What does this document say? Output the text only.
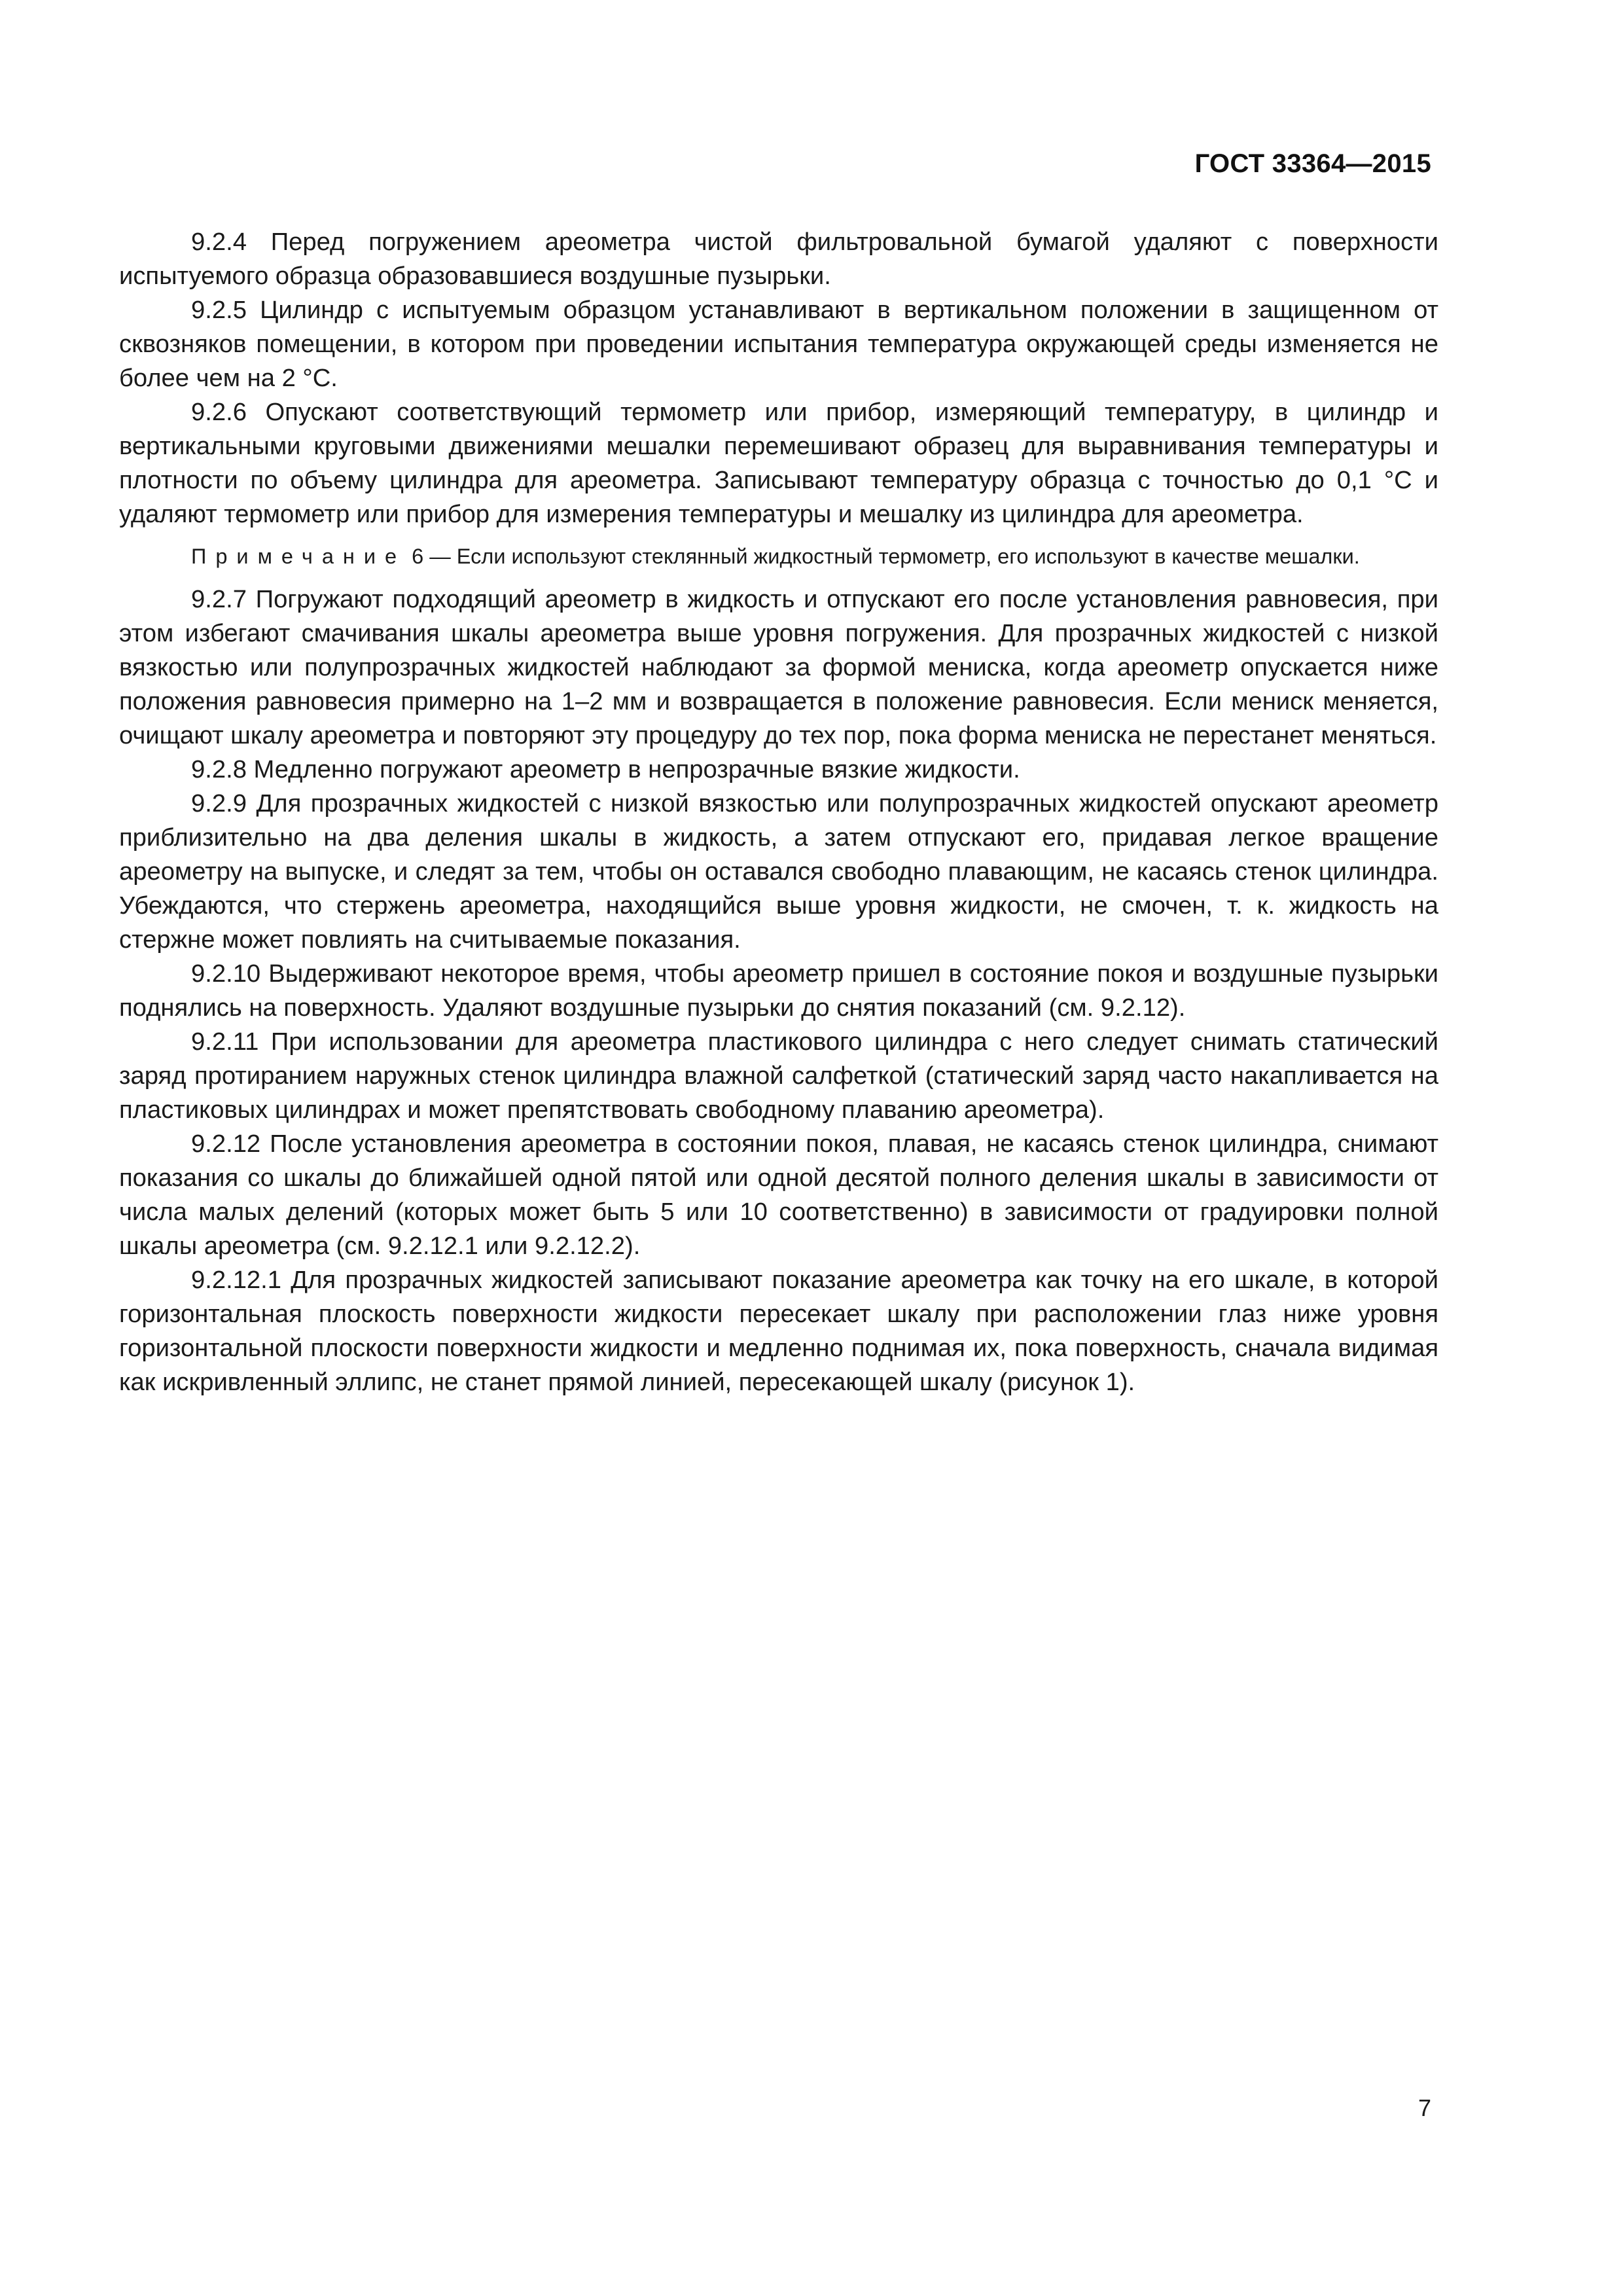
ГОСТ 33364—2015

9.2.4 Перед погружением ареометра чистой фильтровальной бумагой удаляют с поверхности испытуемого образца образовавшиеся воздушные пузырьки.

9.2.5 Цилиндр с испытуемым образцом устанавливают в вертикальном положении в защищенном от сквозняков помещении, в котором при проведении испытания температура окружающей среды изменяется не более чем на 2 °С.

9.2.6 Опускают соответствующий термометр или прибор, измеряющий температуру, в цилиндр и вертикальными круговыми движениями мешалки перемешивают образец для выравнивания температуры и плотности по объему цилиндра для ареометра. Записывают температуру образца с точностью до 0,1 °С и удаляют термометр или прибор для измерения температуры и мешалку из цилиндра для ареометра.

Примечание 6 — Если используют стеклянный жидкостный термометр, его используют в качестве мешалки.

9.2.7 Погружают подходящий ареометр в жидкость и отпускают его после установления равновесия, при этом избегают смачивания шкалы ареометра выше уровня погружения. Для прозрачных жидкостей с низкой вязкостью или полупрозрачных жидкостей наблюдают за формой мениска, когда ареометр опускается ниже положения равновесия примерно на 1–2 мм и возвращается в положение равновесия. Если мениск меняется, очищают шкалу ареометра и повторяют эту процедуру до тех пор, пока форма мениска не перестанет меняться.

9.2.8 Медленно погружают ареометр в непрозрачные вязкие жидкости.

9.2.9 Для прозрачных жидкостей с низкой вязкостью или полупрозрачных жидкостей опускают ареометр приблизительно на два деления шкалы в жидкость, а затем отпускают его, придавая легкое вращение ареометру на выпуске, и следят за тем, чтобы он оставался свободно плавающим, не касаясь стенок цилиндра. Убеждаются, что стержень ареометра, находящийся выше уровня жидкости, не смочен, т. к. жидкость на стержне может повлиять на считываемые показания.

9.2.10 Выдерживают некоторое время, чтобы ареометр пришел в состояние покоя и воздушные пузырьки поднялись на поверхность. Удаляют воздушные пузырьки до снятия показаний (см. 9.2.12).

9.2.11 При использовании для ареометра пластикового цилиндра с него следует снимать статический заряд протиранием наружных стенок цилиндра влажной салфеткой (статический заряд часто накапливается на пластиковых цилиндрах и может препятствовать свободному плаванию ареометра).

9.2.12 После установления ареометра в состоянии покоя, плавая, не касаясь стенок цилиндра, снимают показания со шкалы до ближайшей одной пятой или одной десятой полного деления шкалы в зависимости от числа малых делений (которых может быть 5 или 10 соответственно) в зависимости от градуировки полной шкалы ареометра (см. 9.2.12.1 или 9.2.12.2).

9.2.12.1 Для прозрачных жидкостей записывают показание ареометра как точку на его шкале, в которой горизонтальная плоскость поверхности жидкости пересекает шкалу при расположении глаз ниже уровня горизонтальной плоскости поверхности жидкости и медленно поднимая их, пока поверхность, сначала видимая как искривленный эллипс, не станет прямой линией, пересекающей шкалу (рисунок 1).

7
